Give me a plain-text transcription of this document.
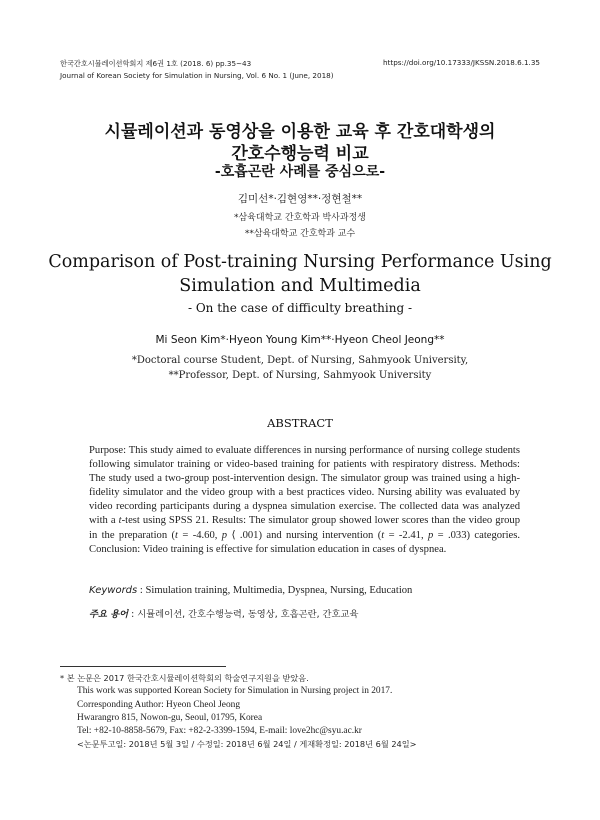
한국간호시뮬레이션학회지 제6권 1호 (2018. 6) pp.35~43
Journal of Korean Society for Simulation in Nursing, Vol. 6 No. 1 (June, 2018)
https://doi.org/10.17333/JKSSN.2018.6.1.35
시뮬레이션과 동영상을 이용한 교육 후 간호대학생의
간호수행능력 비교
-호흡곤란 사례를 중심으로-
김미선*·김현영**·정현철**
*삼육대학교 간호학과 박사과정생
**삼육대학교 간호학과 교수
Comparison of Post-training Nursing Performance Using
Simulation and Multimedia
- On the case of difficulty breathing -
Mi Seon Kim*·Hyeon Young Kim**·Hyeon Cheol Jeong**
*Doctoral course Student, Dept. of Nursing, Sahmyook University,
**Professor, Dept. of Nursing, Sahmyook University
ABSTRACT
Purpose: This study aimed to evaluate differences in nursing performance of nursing college students following simulator training or video-based training for patients with respiratory distress. Methods: The study used a two-group post-intervention design. The simulator group was trained using a high-fidelity simulator and the video group with a best practices video. Nursing ability was evaluated by video recording participants during a dyspnea simulation exercise. The collected data was analyzed with a t-test using SPSS 21. Results: The simulator group showed lower scores than the video group in the preparation (t = -4.60, p ⟨ .001) and nursing intervention (t = -2.41, p = .033) categories. Conclusion: Video training is effective for simulation education in cases of dyspnea.
Keywords : Simulation training, Multimedia, Dyspnea, Nursing, Education
주요 용어 : 시뮬레이션, 간호수행능력, 동영상, 호흡곤란, 간호교육
* 본 논문은 2017 한국간호시뮬레이션학회의 학술연구지원을 받았음.
This work was supported Korean Society for Simulation in Nursing project in 2017.
Corresponding Author: Hyeon Cheol Jeong
Hwarangro 815, Nowon-gu, Seoul, 01795, Korea
Tel: +82-10-8858-5679, Fax: +82-2-3399-1594, E-mail: love2hc@syu.ac.kr
<논문투고일: 2018년 5월 3일 / 수정일: 2018년 6월 24일 / 게재확정일: 2018년 6월 24일>
